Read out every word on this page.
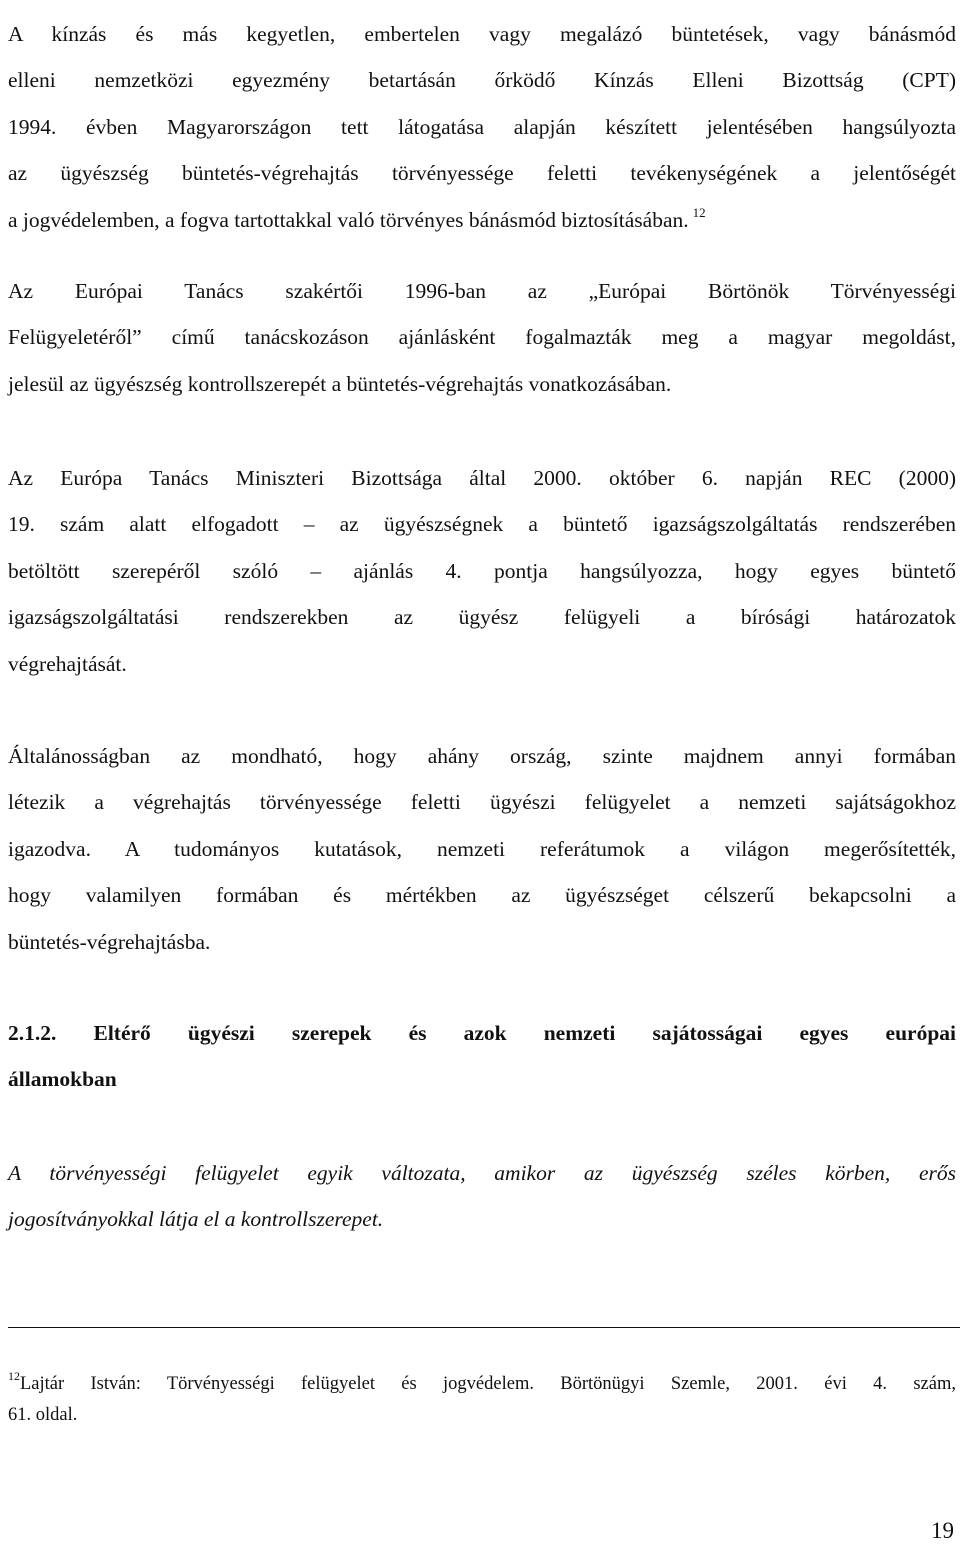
A kínzás és más kegyetlen, embertelen vagy megalázó büntetések, vagy bánásmód
elleni nemzetközi egyezmény betartásán őrködő Kínzás Elleni Bizottság (CPT)
1994. évben Magyarországon tett látogatása alapján készített jelentésében hangsúlyozta
az ügyészség büntetés-végrehajtás törvényessége feletti tevékenységének a jelentőségét
a jogvédelemben, a fogva tartottakkal való törvényes bánásmód biztosításában. $^{12}$

Az Európai Tanács szakértői 1996-ban az „Európai Börtönök Törvényességi
Felügyeletéről” című tanácskozáson ajánlásként fogalmazták meg a magyar megoldást,
jelesül az ügyészség kontrollszerepét a büntetés-végrehajtás vonatkozásában.

Az Európa Tanács Miniszteri Bizottsága által 2000. október 6. napján REC (2000)
19. szám alatt elfogadott – az ügyészségnek a büntető igazságszolgáltatás rendszerében
betöltött szerepéről szóló – ajánlás 4. pontja hangsúlyozza, hogy egyes büntető
igazságszolgáltatási rendszerekben az ügyész felügyeli a bírósági határozatok
végrehajtását.

Általánosságban az mondható, hogy ahány ország, szinte majdnem annyi formában
létezik a végrehajtás törvényessége feletti ügyészi felügyelet a nemzeti sajátságokhoz
igazodva. A tudományos kutatások, nemzeti referátumok a világon megerősítették,
hogy valamilyen formában és mértékben az ügyészséget célszerű bekapcsolni a
büntetés-végrehajtásba.

2.1.2. Eltérő ügyészi szerepek és azok nemzeti sajátosságai egyes európai
államokban

A törvényességi felügyelet egyik változata, amikor az ügyészség széles körben, erős
jogosítványokkal látja el a kontrollszerepet.

$^{12}$Lajtár István: Törvényességi felügyelet és jogvédelem. Börtönügyi Szemle, 2001. évi 4. szám,
61. oldal.

19
